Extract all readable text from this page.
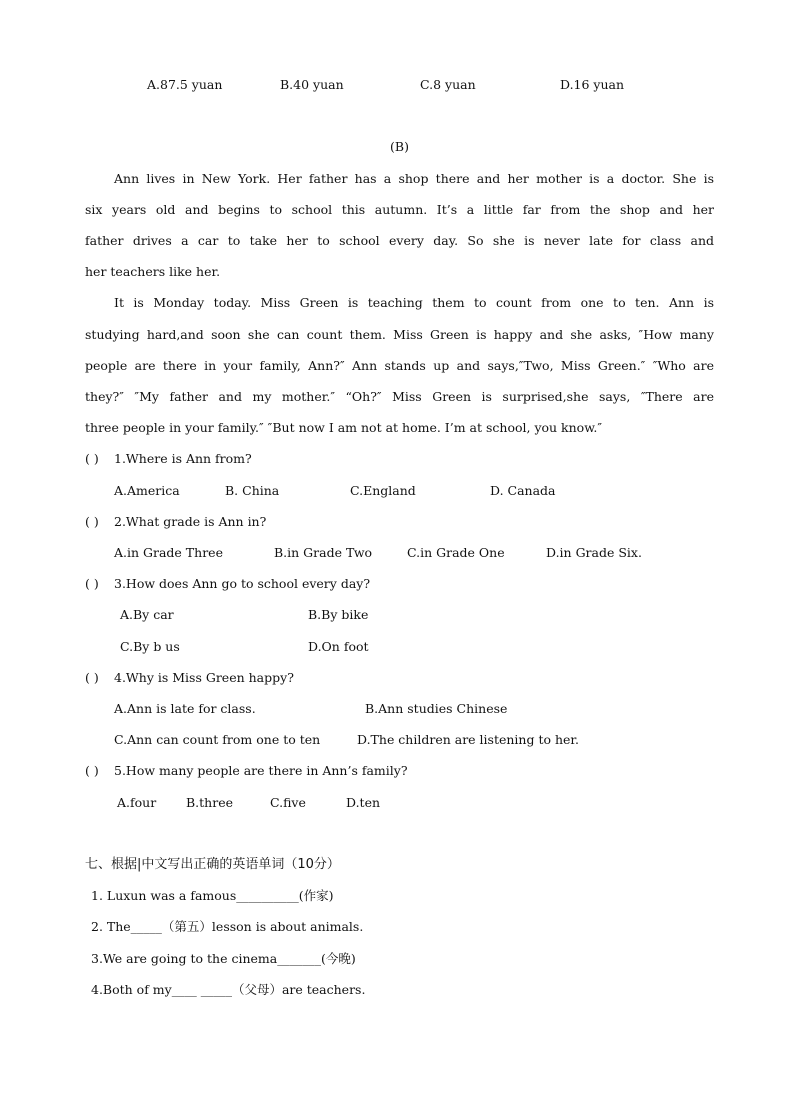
A.87.5 yuan	B.40 yuan	C.8 yuan	D.16 yuan
(B)
Ann lives in New York. Her father has a shop there and her mother is a doctor. She is
six years old and begins to school this autumn. It’s a little far from the shop and her
father drives a car to take her to school every day. So she is never late for class and
her teachers like her.
It is Monday today. Miss Green is teaching them to count from one to ten. Ann is
studying hard,and soon she can count them. Miss Green is happy and she asks, ″How many
people are there in your family, Ann?″ Ann stands up and says,″Two, Miss Green.″ ″Who are
they?″ ″My father and my mother.″ “Oh?″ Miss Green is surprised,she says, ″There are
three people in your family.″ ″But now I am not at home. I’m at school, you know.″
( ) 1.Where is Ann from?
A.America	B. China	C.England	D. Canada
( ) 2.What grade is Ann in?
A.in Grade Three	B.in Grade Two	C.in Grade One	D.in Grade Six.
( ) 3.How does Ann go to school every day?
A.By car	B.By bike
C.By b us	D.On foot
( ) 4.Why is Miss Green happy?
A.Ann is late for class.	B.Ann studies Chinese
C.Ann can count from one to ten	D.The children are listening to her.
( ) 5.How many people are there in Ann’s family?
A.four B.three	C.five	D.ten
七、根据|中文写出正确的英语单词（10分）
1. Luxun was a famous__________(作家)
2. The_____（第五）lesson is about animals.
3.We are going to the cinema_______(今晚)
4.Both of my____ _____（父母）are teachers.
